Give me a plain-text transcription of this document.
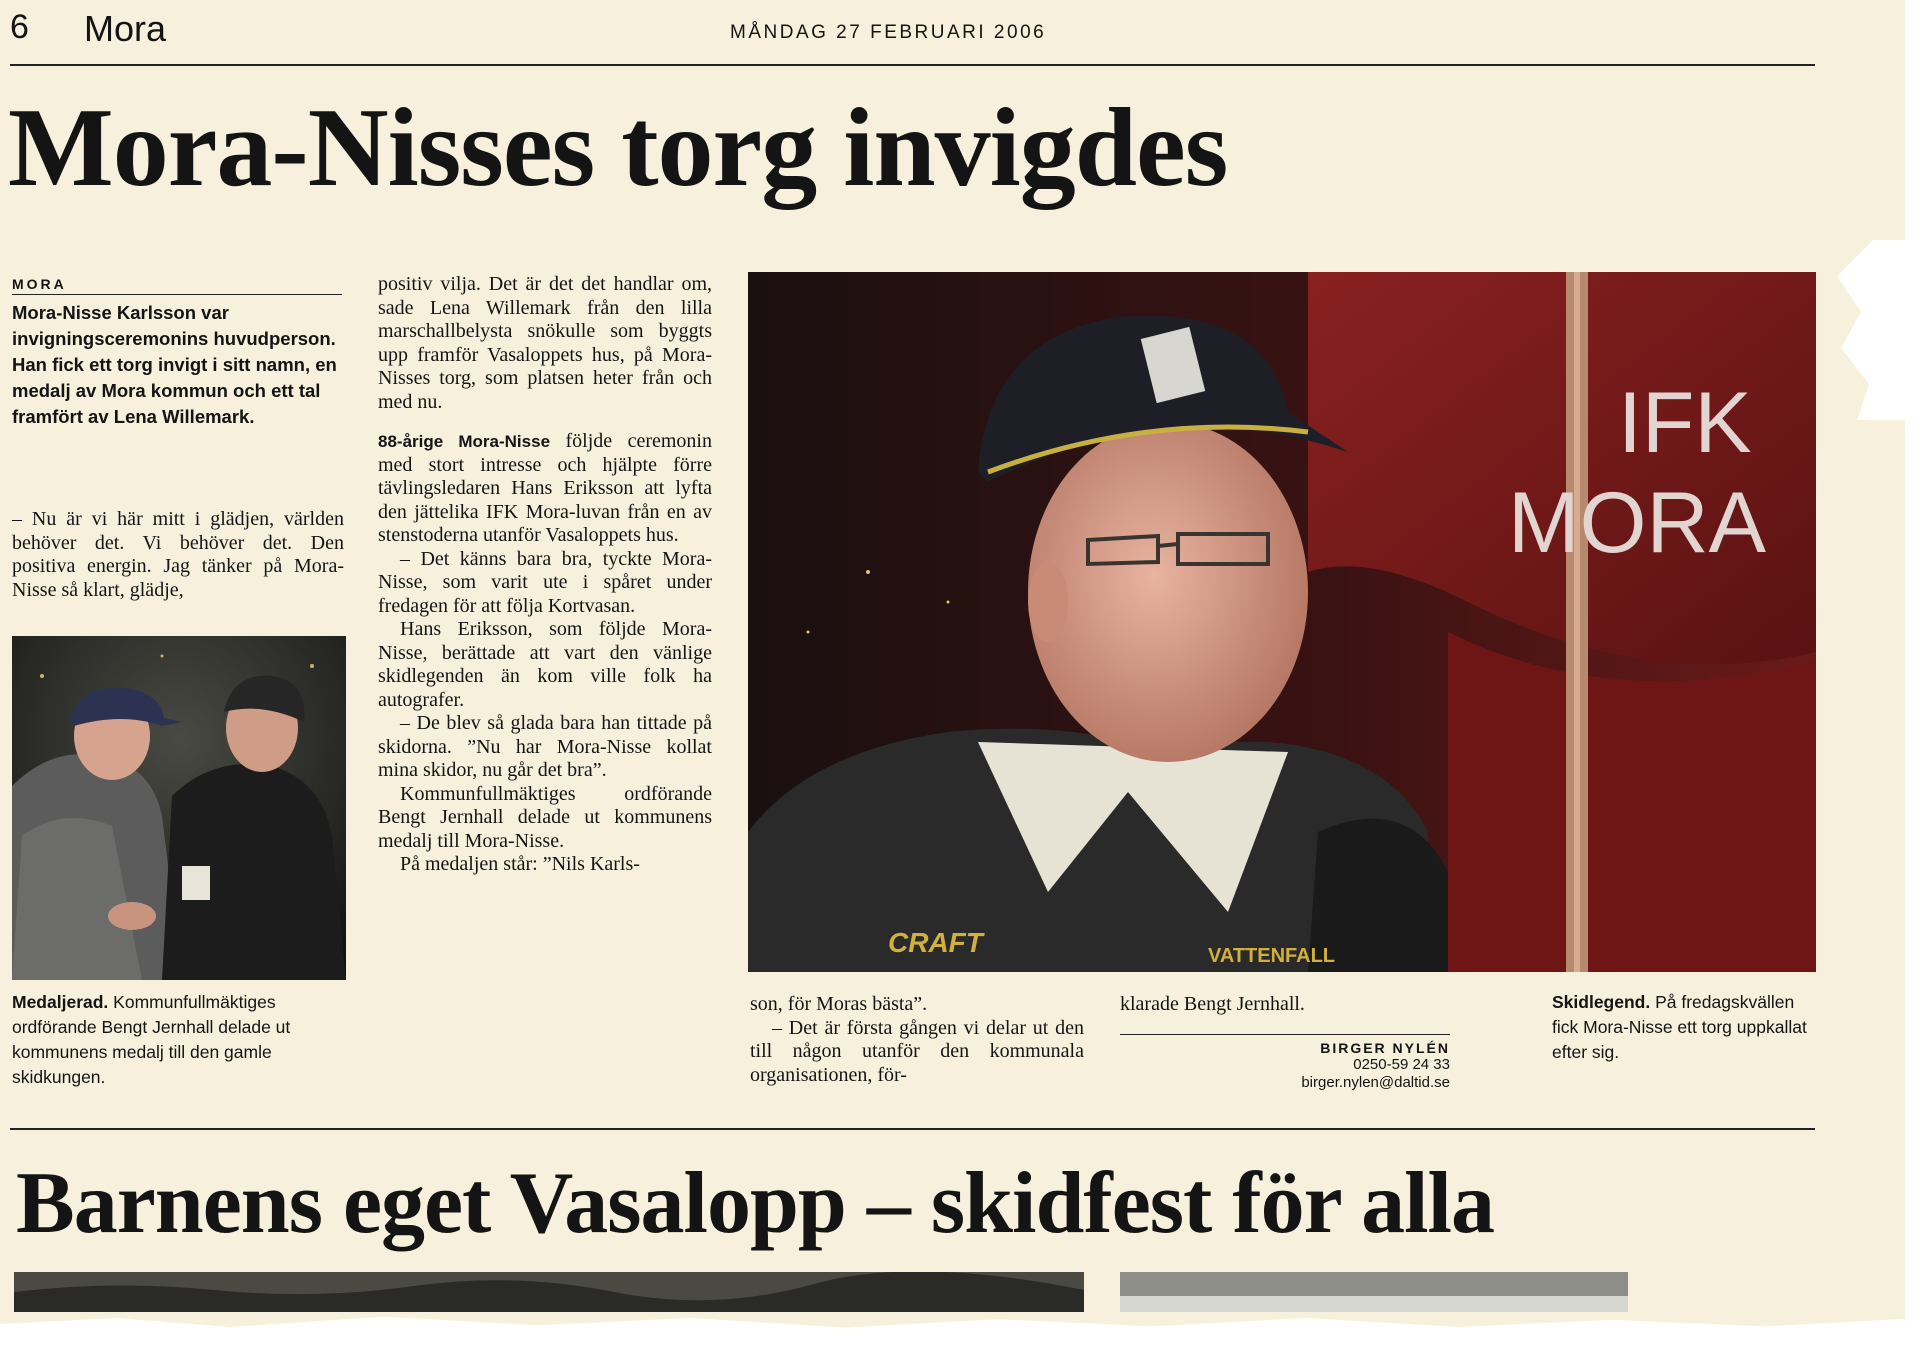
6 Mora	MÅNDAG 27 FEBRUARI 2006
Mora-Nisses torg invigdes
MORA
Mora-Nisse Karlsson var invigningsceremonins huvudperson. Han fick ett torg invigt i sitt namn, en medalj av Mora kommun och ett tal framfört av Lena Willemark.

– Nu är vi här mitt i glädjen, världen behöver det. Vi behöver det. Den positiva energin. Jag tänker på Mora-Nisse så klart, glädje,

Medaljerad. Kommunfullmäktiges ordförande Bengt Jernhall delade ut kommunens medalj till den gamle skidkungen.

positiv vilja. Det är det det handlar om, sade Lena Willemark från den lilla marschallbelysta snökulle som byggts upp framför Vasaloppets hus, på Mora-Nisses torg, som platsen heter från och med nu.

88-årige Mora-Nisse följde ceremonin med stort intresse och hjälpte förre tävlingsledaren Hans Eriksson att lyfta den jättelika IFK Mora-luvan från en av stenstoderna utanför Vasaloppets hus.

– Det känns bara bra, tyckte Mora-Nisse, som varit ute i spåret under fredagen för att följa Kortvasan.

Hans Eriksson, som följde Mora-Nisse, berättade att vart den vänlige skidlegenden än kom ville folk ha autografer.

– De blev så glada bara han tittade på skidorna. ”Nu har Mora-Nisse kollat mina skidor, nu går det bra”.

Kommunfullmäktiges ordförande Bengt Jernhall delade ut kommunens medalj till Mora-Nisse.

På medaljen står: ”Nils Karls-

IFK
MORA
CRAFT	VATTENFALL

son, för Moras bästa”.

– Det är första gången vi delar ut den till någon utanför den kommunala organisationen, för-

klarade Bengt Jernhall.

BIRGER NYLÉN
0250-59 24 33
birger.nylen@daltid.se
Skidlegend. På fredagskvällen fick Mora-Nisse ett torg uppkallat efter sig.
Barnens eget Vasalopp – skidfest för alla
